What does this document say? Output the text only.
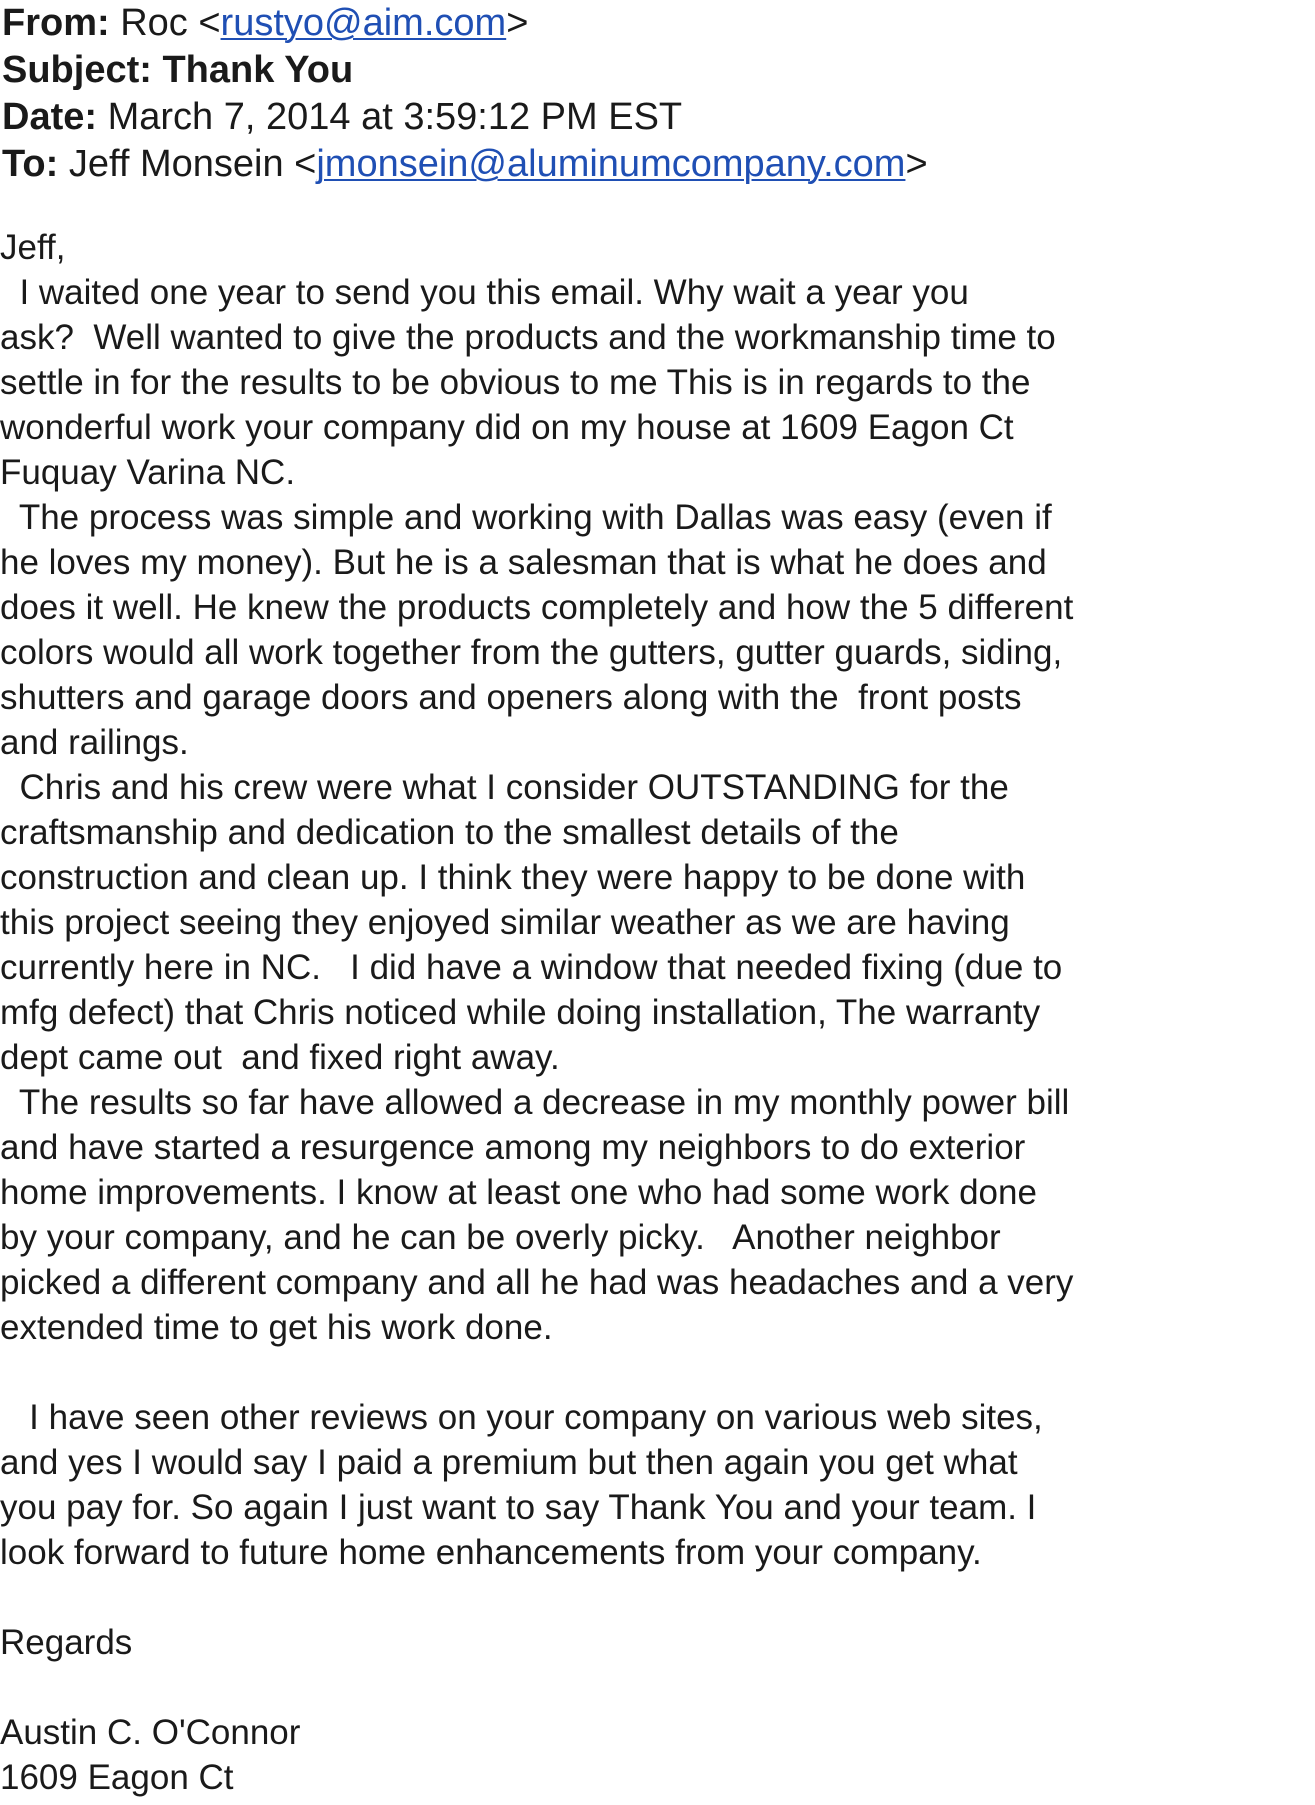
From: Roc <rustyo@aim.com>
Subject: Thank You
Date: March 7, 2014 at 3:59:12 PM EST
To: Jeff Monsein <jmonsein@aluminumcompany.com>
Jeff,
I waited one year to send you this email. Why wait a year you
ask?  Well wanted to give the products and the workmanship time to
settle in for the results to be obvious to me This is in regards to the
wonderful work your company did on my house at 1609 Eagon Ct
Fuquay Varina NC.
The process was simple and working with Dallas was easy (even if
he loves my money). But he is a salesman that is what he does and
does it well. He knew the products completely and how the 5 different
colors would all work together from the gutters, gutter guards, siding,
shutters and garage doors and openers along with the  front posts
and railings.
Chris and his crew were what I consider OUTSTANDING for the
craftsmanship and dedication to the smallest details of the
construction and clean up. I think they were happy to be done with
this project seeing they enjoyed similar weather as we are having
currently here in NC.   I did have a window that needed fixing (due to
mfg defect) that Chris noticed while doing installation, The warranty
dept came out  and fixed right away.
The results so far have allowed a decrease in my monthly power bill
and have started a resurgence among my neighbors to do exterior
home improvements. I know at least one who had some work done
by your company, and he can be overly picky.   Another neighbor
picked a different company and all he had was headaches and a very
extended time to get his work done.
I have seen other reviews on your company on various web sites,
and yes I would say I paid a premium but then again you get what
you pay for. So again I just want to say Thank You and your team. I
look forward to future home enhancements from your company.
Regards
Austin C. O'Connor
1609 Eagon Ct
